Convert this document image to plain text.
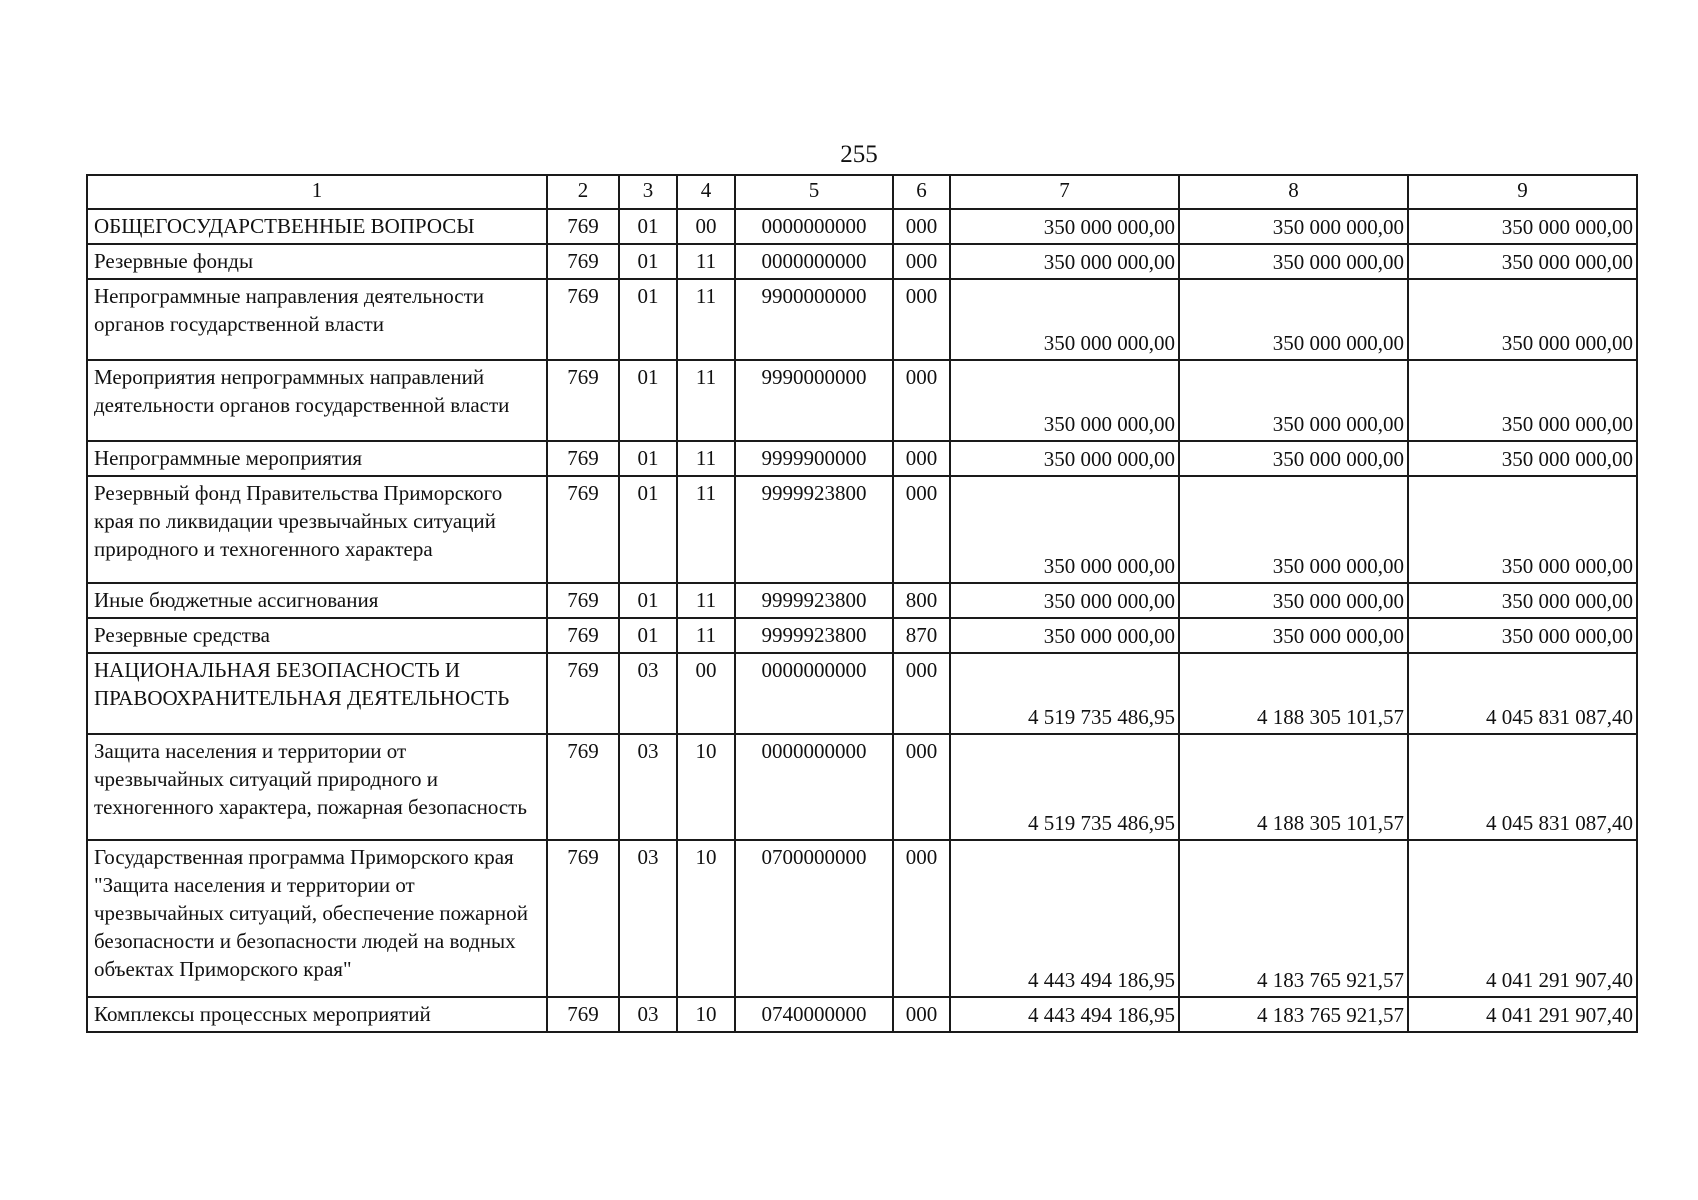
255
1	2	3	4	5	6	7	8	9
ОБЩЕГОСУДАРСТВЕННЫЕ ВОПРОСЫ	769	01	00	0000000000	000	350 000 000,00	350 000 000,00	350 000 000,00
Резервные фонды	769	01	11	0000000000	000	350 000 000,00	350 000 000,00	350 000 000,00
Непрограммные направления деятельности органов государственной власти	769	01	11	9900000000	000	350 000 000,00	350 000 000,00	350 000 000,00
Мероприятия непрограммных направлений деятельности органов государственной власти	769	01	11	9990000000	000	350 000 000,00	350 000 000,00	350 000 000,00
Непрограммные мероприятия	769	01	11	9999900000	000	350 000 000,00	350 000 000,00	350 000 000,00
Резервный фонд Правительства Приморского края по ликвидации чрезвычайных ситуаций природного и техногенного характера	769	01	11	9999923800	000	350 000 000,00	350 000 000,00	350 000 000,00
Иные бюджетные ассигнования	769	01	11	9999923800	800	350 000 000,00	350 000 000,00	350 000 000,00
Резервные средства	769	01	11	9999923800	870	350 000 000,00	350 000 000,00	350 000 000,00
НАЦИОНАЛЬНАЯ БЕЗОПАСНОСТЬ И ПРАВООХРАНИТЕЛЬНАЯ ДЕЯТЕЛЬНОСТЬ	769	03	00	0000000000	000	4 519 735 486,95	4 188 305 101,57	4 045 831 087,40
Защита населения и территории от чрезвычайных ситуаций природного и техногенного характера, пожарная безопасность	769	03	10	0000000000	000	4 519 735 486,95	4 188 305 101,57	4 045 831 087,40
Государственная программа Приморского края "Защита населения и территории от чрезвычайных ситуаций, обеспечение пожарной безопасности и безопасности людей на водных объектах Приморского края"	769	03	10	0700000000	000	4 443 494 186,95	4 183 765 921,57	4 041 291 907,40
Комплексы процессных мероприятий	769	03	10	0740000000	000	4 443 494 186,95	4 183 765 921,57	4 041 291 907,40
